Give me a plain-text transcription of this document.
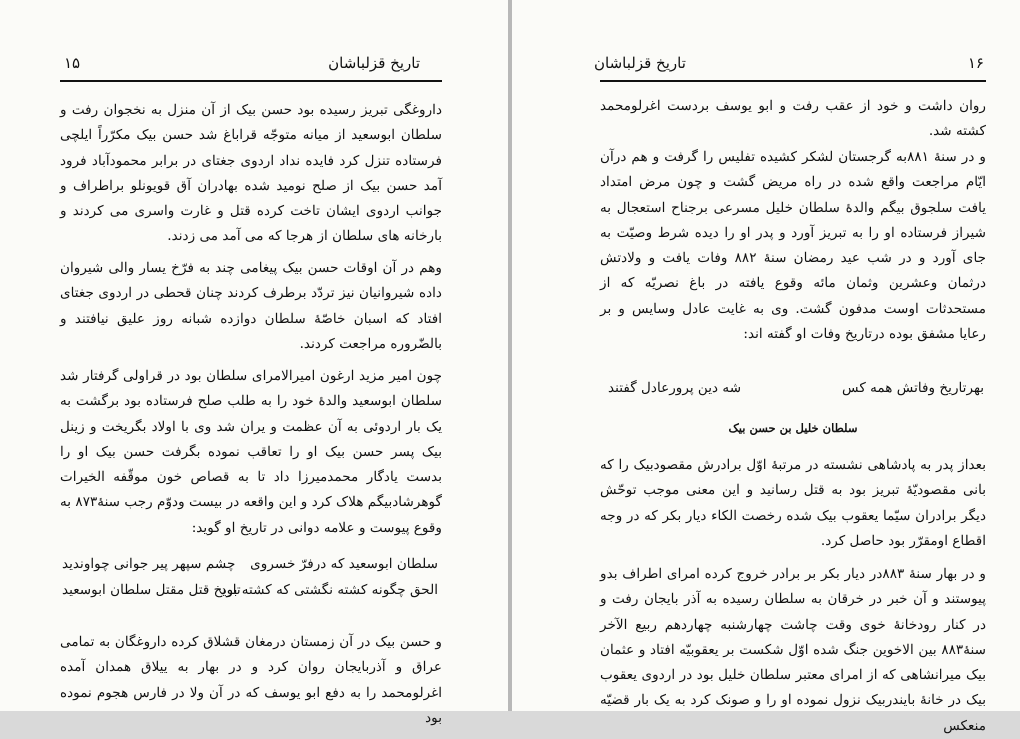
تاریخ قزلباشان
۱۵

داروغگی تبریز رسیده بود حسن بیک از آن منزل به نخجوان رفت و سلطان ابوسعید از میانه متوجّه قراباغ شد حسن بیک مکرّراً ایلچی فرستاده تنزل کرد فایده نداد اردوی جغتای در برابر محمودآباد فرود آمد حسن بیک از صلح نومید شده بهادران آق قویونلو براطراف و جوانب اردوی ایشان تاخت کرده قتل و غارت واسری می کردند و بارخانه های سلطان از هرجا که می آمد می زدند.

وهم در آن اوقات حسن بیک پیغامی چند به فرّخ یسار والی شیروان داده شیروانیان نیز تردّد برطرف کردند چنان قحطی در اردوی جغتای افتاد که اسبان خاصّهٔ سلطان دوازده شبانه روز علیق نیافتند و بالضّروره مراجعت کردند.

چون امیر مزید ارغون امیرالامرای سلطان بود در قراولی گرفتار شد سلطان ابوسعید والدهٔ خود را به طلب صلح فرستاده بود برگشت به یک بار اردوئی به آن عظمت و یران شد وی با اولاد بگریخت و زینل بیک پسر حسن بیک او را تعاقب نموده بگرفت حسن بیک او را بدست یادگار محمدمیرزا داد تا به قصاص خون موقّفه الخیرات گوهرشادبیگم هلاک کرد و این واقعه در بیست ودوّم رجب سنهٔ۸۷۳ به وقوع پیوست و علامه دوانی در تاریخ او گوید:

سلطان ابوسعید که درفرّ خسروی
چشم سپهر پیر جوانی چواوندید
الحق چگونه کشته نگشتی که کشته بود
تاریخ قتل مقتل سلطان ابوسعید

و حسن بیک در آن زمستان درمغان قشلاق کرده داروغگان به تمامی عراق و آذربایجان روان کرد و در بهار به ییلاق همدان آمده اغرلومحمد را به دفع ابو یوسف که در آن ولا در فارس هجوم نموده بود

تاریخ قزلباشان	۱۶

روان داشت و خود از عقب رفت و ابو یوسف بردست اغرلومحمد کشته شد.

و در سنهٔ ۸۸۱به گرجستان لشکر کشیده تفلیس را گرفت و هم درآن ایّام مراجعت واقع شده در راه مریض گشت و چون مرض امتداد یافت سلجوق بیگم والدهٔ سلطان خلیل مسرعی برجناح استعجال به شیراز فرستاده او را به تبریز آورد و پدر او را دیده شرط وصیّت به جای آورد و در شب عید رمضان سنهٔ ۸۸۲ وفات یافت و ولادتش درثمان وعشرین وثمان مائه وقوع یافته در باغ نصریّه که از مستحدثات اوست مدفون گشت. وی به غایت عادل وسایس و بر رعایا مشفق بوده درتاریخ وفات او گفته اند:

بهرتاریخ وفاتش همه کس
شه دین پرورعادل گفتند
سلطان خلیل بن حسن بیک

بعداز پدر به پادشاهی نشسته در مرتبهٔ اوّل برادرش مقصودبیک را که بانی مقصودیّهٔ تبریز بود به قتل رسانید و این معنی موجب توحّش دیگر برادران سیّما یعقوب بیک شده رخصت الکاء دیار بکر که در وجه اقطاع اومقرّر بود حاصل کرد.

و در بهار سنهٔ ۸۸۳در دیار بکر بر برادر خروج کرده امرای اطراف بدو پیوستند و آن خبر در خرقان به سلطان رسیده به آذر بایجان رفت و در کنار رودخانهٔ خوی وقت چاشت چهارشنبه چهاردهم ربیع الآخر سنهٔ۸۸۳ بین الاخوین جنگ شده اوّل شکست بر یعقوبیّه افتاد و عثمان بیک میرانشاهی که از امرای معتبر سلطان خلیل بود در اردوی یعقوب بیک در خانهٔ بایندربیک نزول نموده او را و صونک کرد به یک بار قضیّه منعکس
